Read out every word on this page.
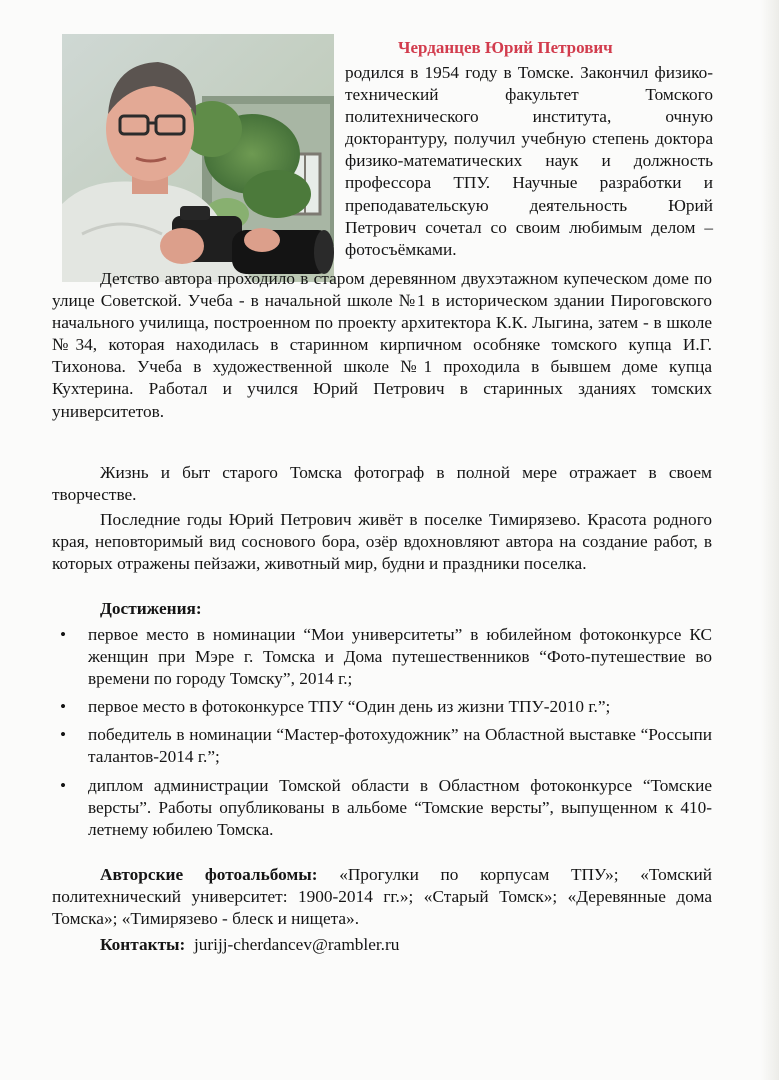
Черданцев Юрий Петрович

родился в 1954 году в Томске. Закончил физико-технический факультет Томского политехнического института, очную докторантуру, получил учебную степень доктора физико-математических наук и должность профессора ТПУ. Научные разработки и преподавательскую деятельность Юрий Петрович сочетал со своим любимым делом – фотосъёмками.

Детство автора проходило в старом деревянном двухэтажном купеческом доме по улице Советской. Учеба - в начальной школе №1 в историческом здании Пироговского начального училища, построенном по проекту архитектора К.К. Лыгина, затем - в школе №34, которая находилась в старинном кирпичном особняке томского купца И.Г. Тихонова. Учеба в художественной школе №1 проходила в бывшем доме купца Кухтерина. Работал и учился Юрий Петрович в старинных зданиях томских университетов.

Жизнь и быт старого Томска фотограф в полной мере отражает в своем творчестве.

Последние годы Юрий Петрович живёт в поселке Тимирязево. Красота родного края, неповторимый вид соснового бора, озёр вдохновляют автора на создание работ, в которых отражены пейзажи, животный мир, будни и праздники поселка.

Достижения:

• первое место в номинации “Мои университеты” в юбилейном фотоконкурсе КС женщин при Мэре г. Томска и Дома путешественников “Фото-путешествие во времени по городу Томску”, 2014 г.;
• первое место в фотоконкурсе ТПУ “Один день из жизни ТПУ-2010 г.”;
• победитель в номинации “Мастер-фотохудожник” на Областной выставке “Россыпи талантов-2014 г.”;
• диплом администрации Томской области в Областном фотоконкурсе “Томские версты”. Работы опубликованы в альбоме “Томские версты”, выпущенном к 410-летнему юбилею Томска.

Авторские фотоальбомы: «Прогулки по корпусам ТПУ»; «Томский политехнический университет: 1900-2014 гг.»; «Старый Томск»; «Деревянные дома Томска»; «Тимирязево - блеск и нищета».

Контакты: jurijj-cherdancev@rambler.ru
